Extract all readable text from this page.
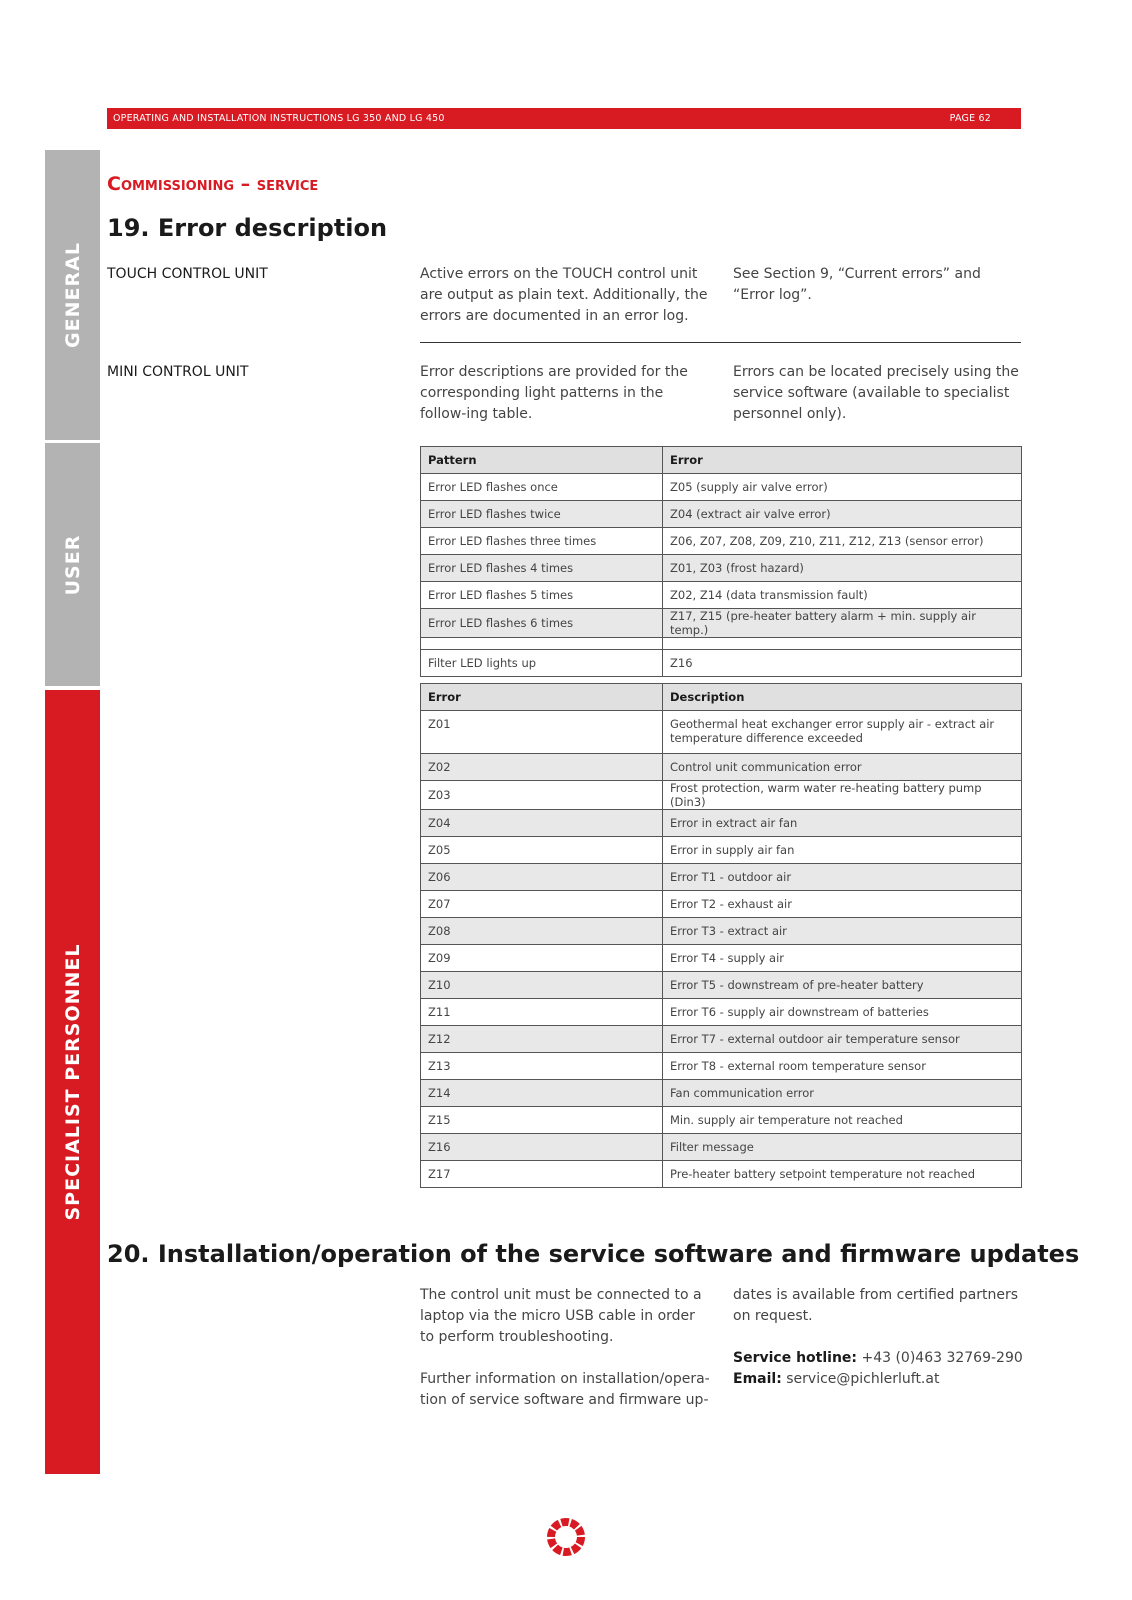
OPERATING AND INSTALLATION INSTRUCTIONS LG 350 AND LG 450	PAGE 62
GENERAL
USER
SPECIALIST PERSONNEL
Commissioning – service
19. Error description
TOUCH CONTROL UNIT	Active errors on the TOUCH control unit are output as plain text. Additionally, the errors are documented in an error log.
See Section 9, “Current errors” and “Error log”.
MINI CONTROL UNIT	Error descriptions are provided for the corresponding light patterns in the follow-ing table.
Errors can be located precisely using the service software (available to specialist personnel only).
Pattern	Error
Error LED flashes once	Z05 (supply air valve error)
Error LED flashes twice	Z04 (extract air valve error)
Error LED flashes three times	Z06, Z07, Z08, Z09, Z10, Z11, Z12, Z13 (sensor error)
Error LED flashes 4 times	Z01, Z03 (frost hazard)
Error LED flashes 5 times	Z02, Z14 (data transmission fault)
Error LED flashes 6 times	Z17, Z15 (pre-heater battery alarm + min. supply air temp.)

Filter LED lights up	Z16
Error	Description
Z01	Geothermal heat exchanger error supply air - extract air temperature difference exceeded
Z02	Control unit communication error
Z03	Frost protection, warm water re-heating battery pump (Din3)
Z04	Error in extract air fan
Z05	Error in supply air fan
Z06	Error T1 - outdoor air
Z07	Error T2 - exhaust air
Z08	Error T3 - extract air
Z09	Error T4 - supply air
Z10	Error T5 - downstream of pre-heater battery
Z11	Error T6 - supply air downstream of batteries
Z12	Error T7 - external outdoor air temperature sensor
Z13	Error T8 - external room temperature sensor
Z14	Fan communication error
Z15	Min. supply air temperature not reached
Z16	Filter message
Z17	Pre-heater battery setpoint temperature not reached
20. Installation/operation of the service software and firmware updates
The control unit must be connected to a laptop via the micro USB cable in order to perform troubleshooting.
Further information on installation/opera-tion of service software and firmware up-
dates is available from certified partners on request.
Service hotline: +43 (0)463 32769-290
Email: service@pichlerluft.at
